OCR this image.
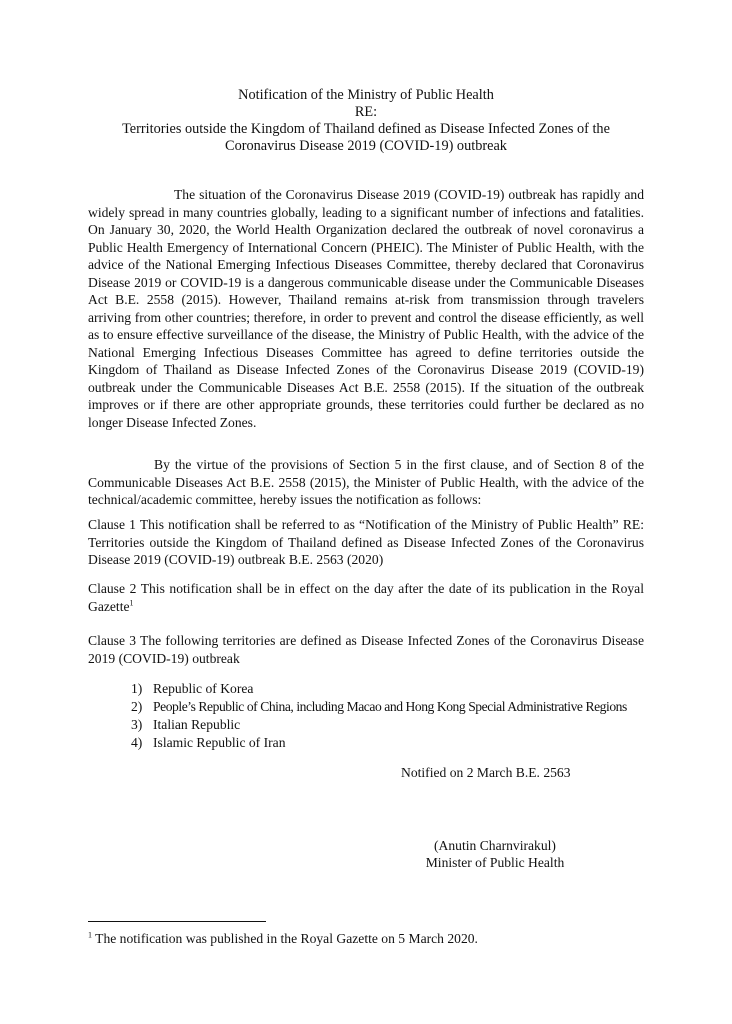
Notification of the Ministry of Public Health
RE:
Territories outside the Kingdom of Thailand defined as Disease Infected Zones of the
Coronavirus Disease 2019 (COVID-19) outbreak

The situation of the Coronavirus Disease 2019 (COVID-19) outbreak has rapidly and widely spread in many countries globally, leading to a significant number of infections and fatalities. On January 30, 2020, the World Health Organization declared the outbreak of novel coronavirus a Public Health Emergency of International Concern (PHEIC). The Minister of Public Health, with the advice of the National Emerging Infectious Diseases Committee, thereby declared that Coronavirus Disease 2019 or COVID-19 is a dangerous communicable disease under the Communicable Diseases Act B.E. 2558 (2015). However, Thailand remains at-risk from transmission through travelers arriving from other countries; therefore, in order to prevent and control the disease efficiently, as well as to ensure effective surveillance of the disease, the Ministry of Public Health, with the advice of the National Emerging Infectious Diseases Committee has agreed to define territories outside the Kingdom of Thailand as Disease Infected Zones of the Coronavirus Disease 2019 (COVID-19) outbreak under the Communicable Diseases Act B.E. 2558 (2015). If the situation of the outbreak improves or if there are other appropriate grounds, these territories could further be declared as no longer Disease Infected Zones.

By the virtue of the provisions of Section 5 in the first clause, and of Section 8 of the Communicable Diseases Act B.E. 2558 (2015), the Minister of Public Health, with the advice of the technical/academic committee, hereby issues the notification as follows:

Clause 1 This notification shall be referred to as “Notification of the Ministry of Public Health” RE: Territories outside the Kingdom of Thailand defined as Disease Infected Zones of the Coronavirus Disease 2019 (COVID-19) outbreak B.E. 2563 (2020)

Clause 2 This notification shall be in effect on the day after the date of its publication in the Royal Gazette$^1$

Clause 3 The following territories are defined as Disease Infected Zones of the Coronavirus Disease 2019 (COVID-19) outbreak

1) Republic of Korea
2) People’s Republic of China, including Macao and Hong Kong Special Administrative Regions
3) Italian Republic
4) Islamic Republic of Iran
Notified on 2 March B.E. 2563
(Anutin Charnvirakul)
Minister of Public Health
$^1$ The notification was published in the Royal Gazette on 5 March 2020.
